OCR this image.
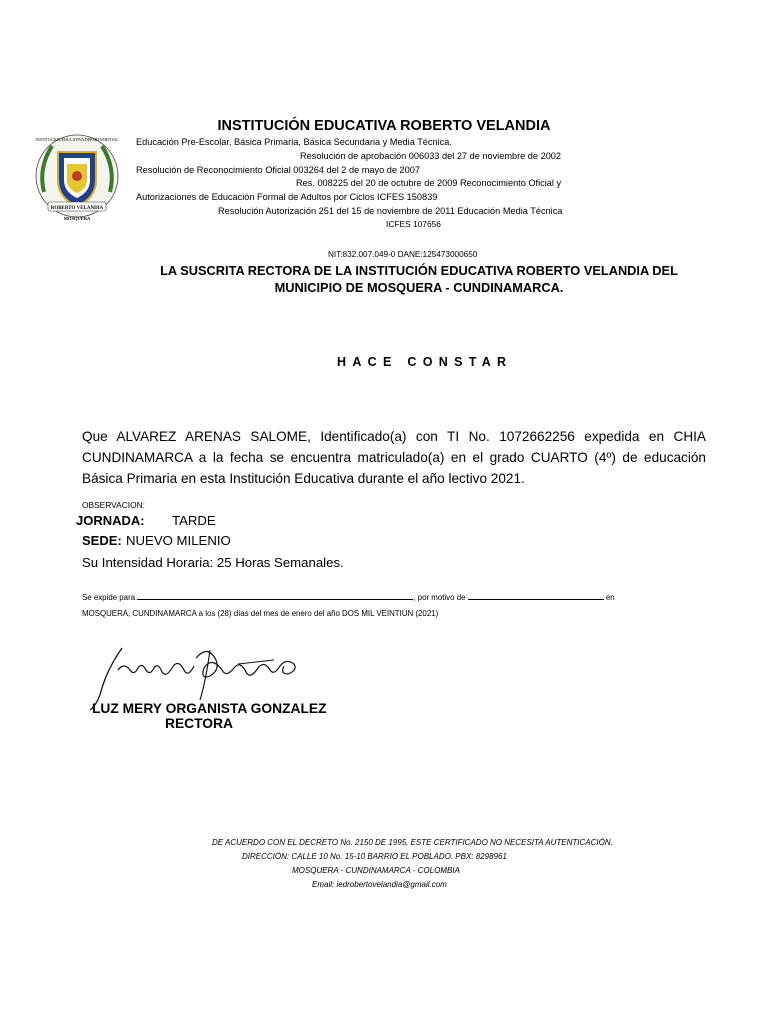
INSTITUCIÓN EDUCATIVA ROBERTO VELANDIA
INSTITUCION EDUCATIVA DEPARTAMENTAL
ROBERTO VELANDIA
MOSQUERA
Educación Pre-Escolar, Básica Primaria, Básica Secundaria y Media Técnica.
Resolución de aprobación 006033 del 27 de noviembre de 2002
Resolución de Reconocimiento Oficial 003264 del 2 de mayo de 2007
Res. 008225 del 20 de octubre de 2009 Reconocimiento Oficial y
Autorizaciones de Educación Formal de Adultos por Ciclos ICFES 150839
Resolución Autorización 251 del 15 de noviembre de 2011 Educación Media Técnica
ICFES 107656
NIT:832.007.049-0 DANE:125473000650
LA SUSCRITA RECTORA DE LA INSTITUCIÓN EDUCATIVA ROBERTO VELANDIA DEL
MUNICIPIO DE MOSQUERA - CUNDINAMARCA.
HACE CONSTAR
Que ALVAREZ ARENAS SALOME, Identificado(a) con TI No. 1072662256 expedida en CHIA CUNDINAMARCA a la fecha se encuentra matriculado(a) en el grado CUARTO (4º) de educación Básica Primaria en esta Institución Educativa durante el año lectivo 2021.
OBSERVACION:
JORNADA: TARDE
SEDE: NUEVO MILENIO
Su Intensidad Horaria: 25 Horas Semanales.
Se expide para	, por motivo de	en
MOSQUERA, CUNDINAMARCA a los (28) días del mes de enero del año DOS MIL VEINTIUN (2021)
LUZ MERY ORGANISTA GONZALEZ
RECTORA
DE ACUERDO CON EL DECRETO No. 2150 DE 1995, ESTE CERTIFICADO NO NECESITA AUTENTICACIÓN.
DIRECCIÓN: CALLE 10 No. 15-10 BARRIO EL POBLADO. PBX: 8298961
MOSQUERA - CUNDINAMARCA - COLOMBIA
Email: iedrobertovelandia@gmail.com
